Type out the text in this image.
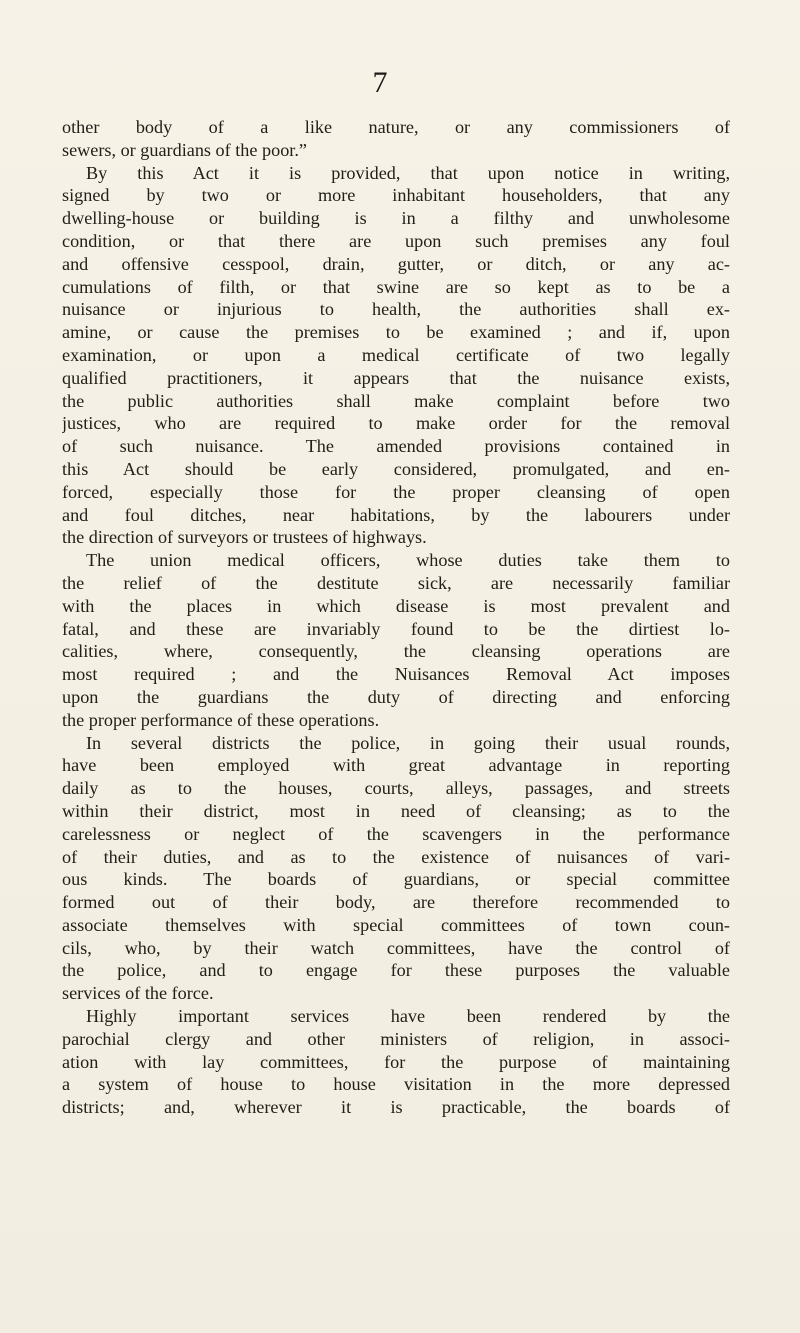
7
other body of a like nature, or any commissioners of
sewers, or guardians of the poor.”
By this Act it is provided, that upon notice in writing,
signed by two or more inhabitant householders, that any
dwelling-house or building is in a filthy and unwholesome
condition, or that there are upon such premises any foul
and offensive cesspool, drain, gutter, or ditch, or any ac-
cumulations of filth, or that swine are so kept as to be a
nuisance or injurious to health, the authorities shall ex-
amine, or cause the premises to be examined ; and if, upon
examination, or upon a medical certificate of two legally
qualified practitioners, it appears that the nuisance exists,
the public authorities shall make complaint before two
justices, who are required to make order for the removal
of such nuisance. The amended provisions contained in
this Act should be early considered, promulgated, and en-
forced, especially those for the proper cleansing of open
and foul ditches, near habitations, by the labourers under
the direction of surveyors or trustees of highways.
The union medical officers, whose duties take them to
the relief of the destitute sick, are necessarily familiar
with the places in which disease is most prevalent and
fatal, and these are invariably found to be the dirtiest lo-
calities, where, consequently, the cleansing operations are
most required ; and the Nuisances Removal Act imposes
upon the guardians the duty of directing and enforcing
the proper performance of these operations.
In several districts the police, in going their usual rounds,
have been employed with great advantage in reporting
daily as to the houses, courts, alleys, passages, and streets
within their district, most in need of cleansing; as to the
carelessness or neglect of the scavengers in the performance
of their duties, and as to the existence of nuisances of vari-
ous kinds. The boards of guardians, or special committee
formed out of their body, are therefore recommended to
associate themselves with special committees of town coun-
cils, who, by their watch committees, have the control of
the police, and to engage for these purposes the valuable
services of the force.
Highly important services have been rendered by the
parochial clergy and other ministers of religion, in associ-
ation with lay committees, for the purpose of maintaining
a system of house to house visitation in the more depressed
districts; and, wherever it is practicable, the boards of
